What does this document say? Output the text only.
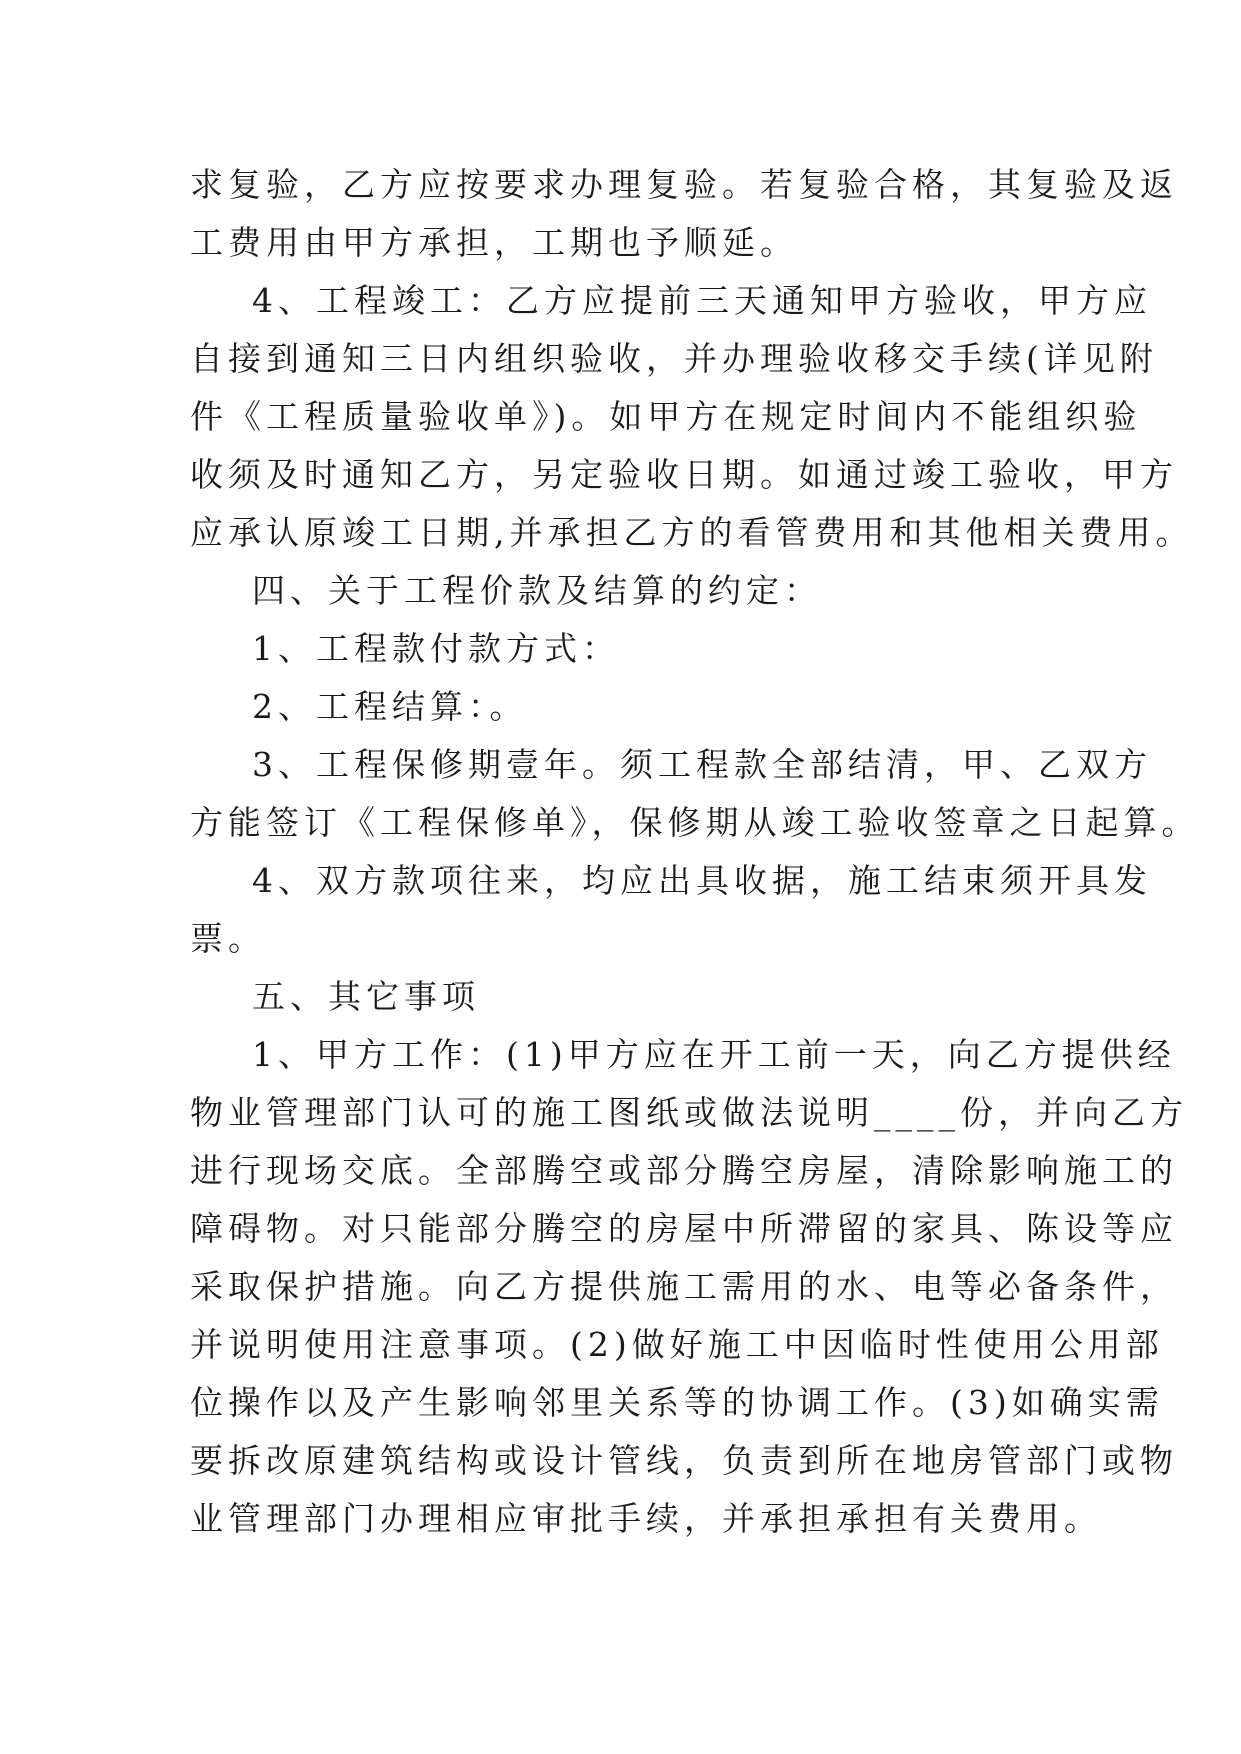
求复验，乙方应按要求办理复验。若复验合格，其复验及返
工费用由甲方承担，工期也予顺延。
4、工程竣工：乙方应提前三天通知甲方验收，甲方应
自接到通知三日内组织验收，并办理验收移交手续(详见附
件《工程质量验收单》)。如甲方在规定时间内不能组织验
收须及时通知乙方，另定验收日期。如通过竣工验收，甲方
应承认原竣工日期,并承担乙方的看管费用和其他相关费用。
四、关于工程价款及结算的约定：
1、工程款付款方式：
2、工程结算：。
3、工程保修期壹年。须工程款全部结清，甲、乙双方
方能签订《工程保修单》，保修期从竣工验收签章之日起算。
4、双方款项往来，均应出具收据，施工结束须开具发
票。
五、其它事项
1、甲方工作：(1)甲方应在开工前一天，向乙方提供经
物业管理部门认可的施工图纸或做法说明____份，并向乙方
进行现场交底。全部腾空或部分腾空房屋，清除影响施工的
障碍物。对只能部分腾空的房屋中所滞留的家具、陈设等应
采取保护措施。向乙方提供施工需用的水、电等必备条件，
并说明使用注意事项。(2)做好施工中因临时性使用公用部
位操作以及产生影响邻里关系等的协调工作。(3)如确实需
要拆改原建筑结构或设计管线，负责到所在地房管部门或物
业管理部门办理相应审批手续，并承担承担有关费用。
